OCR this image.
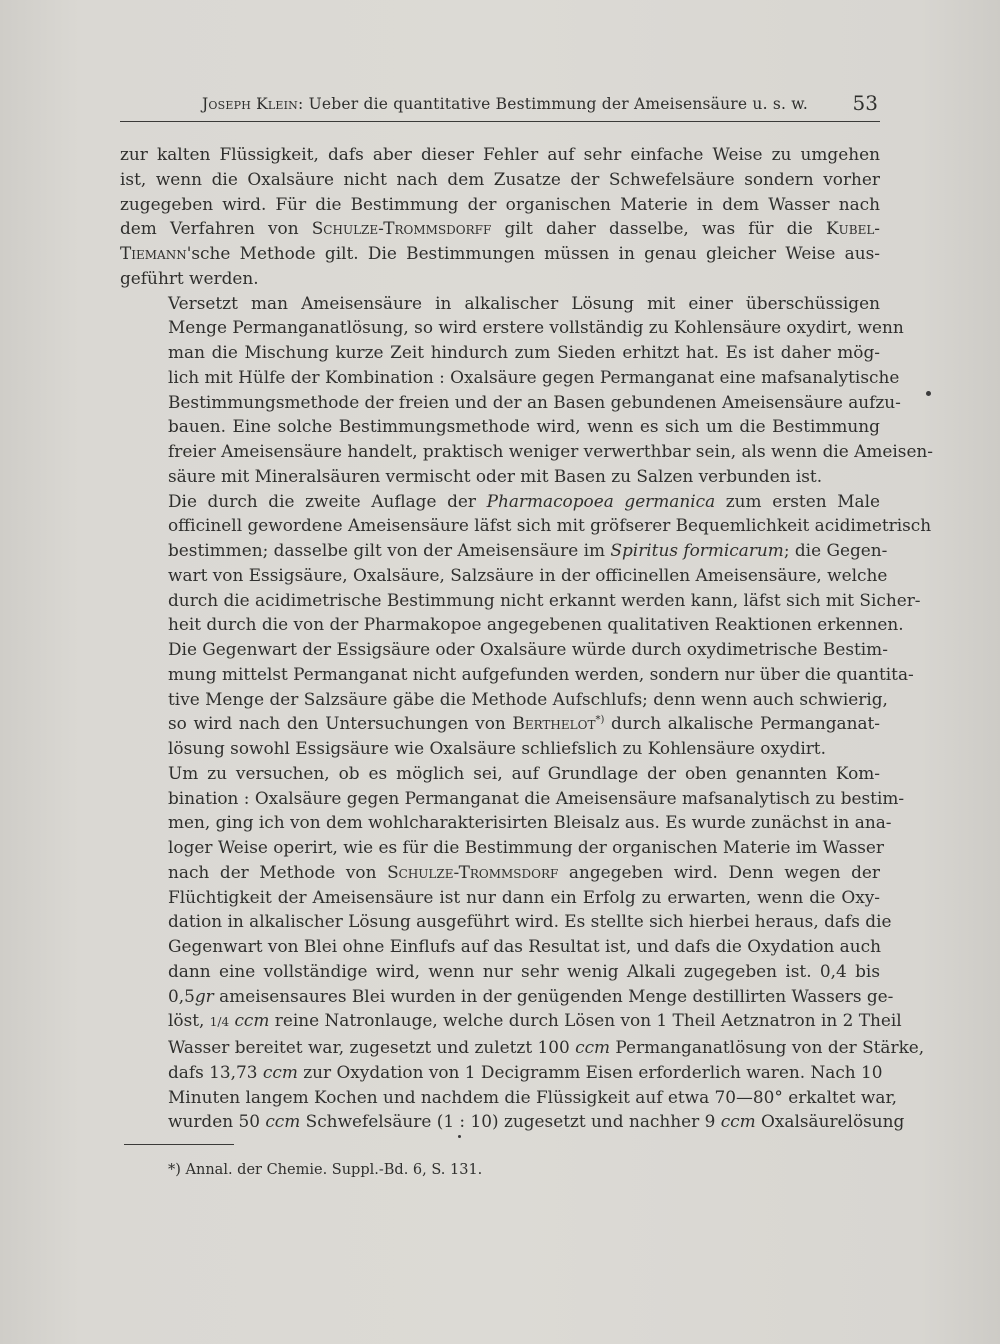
Joseph Klein: Ueber die quantitative Bestimmung der Ameisensäure u. s. w. 53

zur kalten Flüssigkeit, dafs aber dieser Fehler auf sehr einfache Weise zu umgehen
ist, wenn die Oxalsäure nicht nach dem Zusatze der Schwefelsäure sondern vorher
zugegeben wird. Für die Bestimmung der organischen Materie in dem Wasser nach
dem Verfahren von Schulze-Trommsdorff gilt daher dasselbe, was für die Kubel-
Tiemann'sche Methode gilt. Die Bestimmungen müssen in genau gleicher Weise aus-
geführt werden.

Versetzt man Ameisensäure in alkalischer Lösung mit einer überschüssigen
Menge Permanganatlösung, so wird erstere vollständig zu Kohlensäure oxydirt, wenn
man die Mischung kurze Zeit hindurch zum Sieden erhitzt hat. Es ist daher mög-
lich mit Hülfe der Kombination : Oxalsäure gegen Permanganat eine mafsanalytische
Bestimmungsmethode der freien und der an Basen gebundenen Ameisensäure aufzu-
bauen. Eine solche Bestimmungsmethode wird, wenn es sich um die Bestimmung
freier Ameisensäure handelt, praktisch weniger verwerthbar sein, als wenn die Ameisen-
säure mit Mineralsäuren vermischt oder mit Basen zu Salzen verbunden ist.

Die durch die zweite Auflage der Pharmacopoea germanica zum ersten Male
officinell gewordene Ameisensäure läfst sich mit gröfserer Bequemlichkeit acidimetrisch
bestimmen; dasselbe gilt von der Ameisensäure im Spiritus formicarum; die Gegen-
wart von Essigsäure, Oxalsäure, Salzsäure in der officinellen Ameisensäure, welche
durch die acidimetrische Bestimmung nicht erkannt werden kann, läfst sich mit Sicher-
heit durch die von der Pharmakopoe angegebenen qualitativen Reaktionen erkennen.
Die Gegenwart der Essigsäure oder Oxalsäure würde durch oxydimetrische Bestim-
mung mittelst Permanganat nicht aufgefunden werden, sondern nur über die quantita-
tive Menge der Salzsäure gäbe die Methode Aufschlufs; denn wenn auch schwierig,
so wird nach den Untersuchungen von Berthelot*) durch alkalische Permanganat-
lösung sowohl Essigsäure wie Oxalsäure schliefslich zu Kohlensäure oxydirt.

Um zu versuchen, ob es möglich sei, auf Grundlage der oben genannten Kom-
bination : Oxalsäure gegen Permanganat die Ameisensäure mafsanalytisch zu bestim-
men, ging ich von dem wohlcharakterisirten Bleisalz aus. Es wurde zunächst in ana-
loger Weise operirt, wie es für die Bestimmung der organischen Materie im Wasser
nach der Methode von Schulze-Trommsdorf angegeben wird. Denn wegen der
Flüchtigkeit der Ameisensäure ist nur dann ein Erfolg zu erwarten, wenn die Oxy-
dation in alkalischer Lösung ausgeführt wird. Es stellte sich hierbei heraus, dafs die
Gegenwart von Blei ohne Einflufs auf das Resultat ist, und dafs die Oxydation auch
dann eine vollständige wird, wenn nur sehr wenig Alkali zugegeben ist. 0,4 bis
0,5gr ameisensaures Blei wurden in der genügenden Menge destillirten Wassers ge-
löst, 1/4 ccm reine Natronlauge, welche durch Lösen von 1 Theil Aetznatron in 2 Theil
Wasser bereitet war, zugesetzt und zuletzt 100 ccm Permanganatlösung von der Stärke,
dafs 13,73 ccm zur Oxydation von 1 Decigramm Eisen erforderlich waren. Nach 10
Minuten langem Kochen und nachdem die Flüssigkeit auf etwa 70—80° erkaltet war,
wurden 50 ccm Schwefelsäure (1 : 10) zugesetzt und nachher 9 ccm Oxalsäurelösung

*) Annal. der Chemie. Suppl.-Bd. 6, S. 131.
